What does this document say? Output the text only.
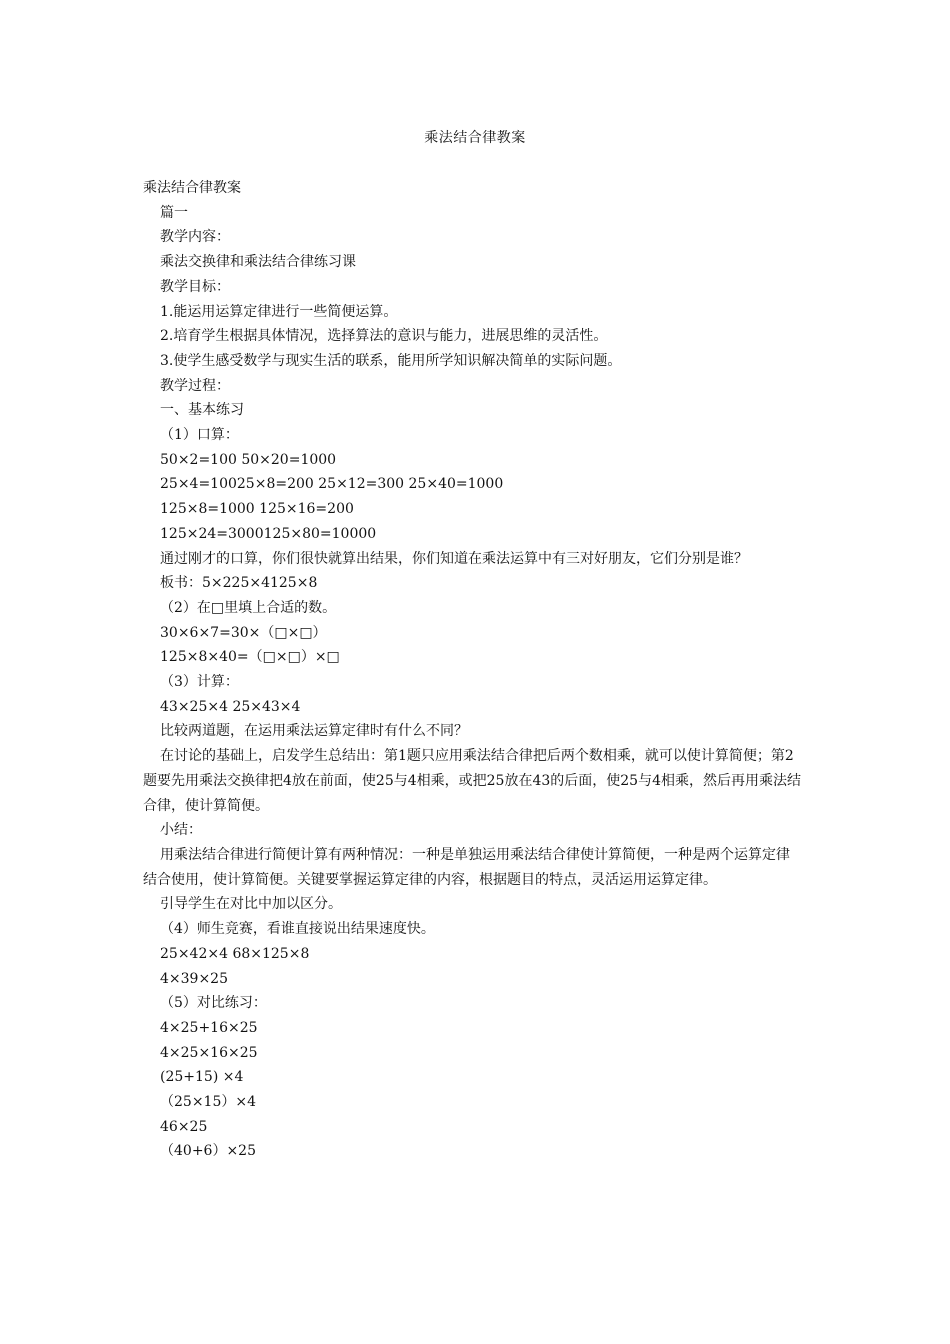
乘法结合律教案

乘法结合律教案

篇一

教学内容：

乘法交换律和乘法结合律练习课

教学目标：

1.能运用运算定律进行一些简便运算。

2.培育学生根据具体情况，选择算法的意识与能力，进展思维的灵活性。

3.使学生感受数学与现实生活的联系，能用所学知识解决简单的实际问题。

教学过程：

一、基本练习

（1）口算：

50×2=100 50×20=1000

25×4=10025×8=200 25×12=300 25×40=1000

125×8=1000 125×16=200

125×24=3000125×80=10000

通过刚才的口算，你们很快就算出结果，你们知道在乘法运算中有三对好朋友，它们分别是谁？

板书：5×225×4125×8

（2）在□里填上合适的数。

30×6×7=30×（□×□）

125×8×40=（□×□）×□

（3）计算：

43×25×4 25×43×4

比较两道题，在运用乘法运算定律时有什么不同？

在讨论的基础上，启发学生总结出：第1题只应用乘法结合律把后两个数相乘，就可以使计算简便；第2题要先用乘法交换律把4放在前面，使25与4相乘，或把25放在43的后面，使25与4相乘，然后再用乘法结合律，使计算简便。

小结：

用乘法结合律进行简便计算有两种情况：一种是单独运用乘法结合律使计算简便，一种是两个运算定律结合使用，使计算简便。关键要掌握运算定律的内容，根据题目的特点，灵活运用运算定律。

引导学生在对比中加以区分。

（4）师生竞赛，看谁直接说出结果速度快。

25×42×4 68×125×8

4×39×25

（5）对比练习：

4×25+16×25

4×25×16×25

(25+15) ×4

（25×15）×4

46×25

（40+6）×25
